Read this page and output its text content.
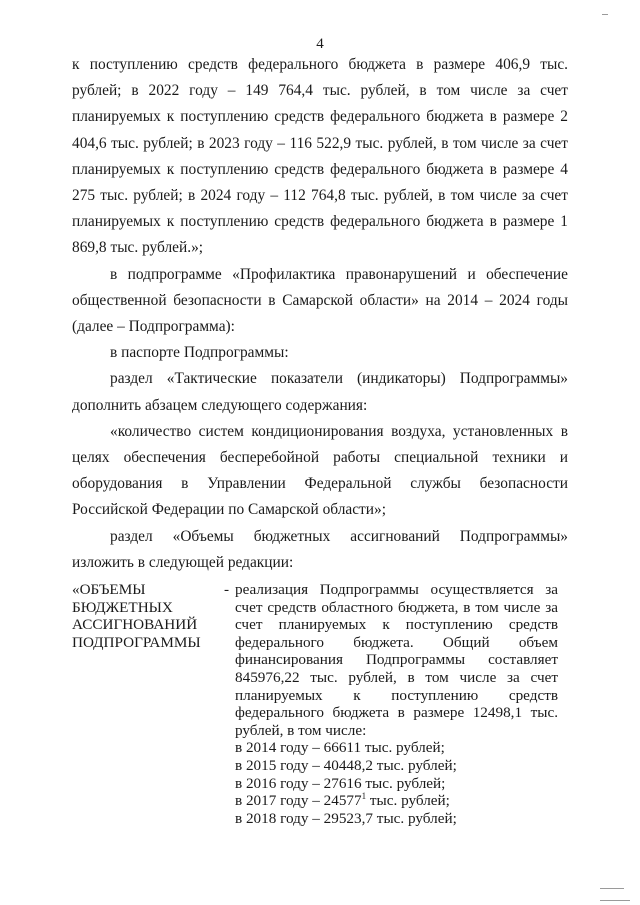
4

к поступлению средств федерального бюджета в размере 406,9 тыс. рублей; в 2022 году – 149 764,4 тыс. рублей, в том числе за счет планируемых к поступлению средств федерального бюджета в размере 2 404,6 тыс. рублей; в 2023 году – 116 522,9 тыс. рублей, в том числе за счет планируемых к поступлению средств федерального бюджета в размере 4 275 тыс. рублей; в 2024 году – 112 764,8 тыс. рублей, в том числе за счет планируемых к поступлению средств федерального бюджета в размере 1 869,8 тыс. рублей.»;

в подпрограмме «Профилактика правонарушений и обеспечение общественной безопасности в Самарской области» на 2014 – 2024 годы (далее – Подпрограмма):

в паспорте Подпрограммы:

раздел «Тактические показатели (индикаторы) Подпрограммы» дополнить абзацем следующего содержания:

«количество систем кондиционирования воздуха, установленных в целях обеспечения бесперебойной работы специальной техники и оборудования в Управлении Федеральной службы безопасности Российской Федерации по Самарской области»;

раздел «Объемы бюджетных ассигнований Подпрограммы» изложить в следующей редакции:

«ОБЪЕМЫ
БЮДЖЕТНЫХ
АССИГНОВАНИЙ
ПОДПРОГРАММЫ
- реализация Подпрограммы осуществляется за счет средств областного бюджета, в том числе за счет планируемых к поступлению средств федерального бюджета. Общий объем финансирования Подпрограммы составляет 845976,22 тыс. рублей, в том числе за счет планируемых к поступлению средств федерального бюджета в размере 12498,1 тыс. рублей, в том числе:
в 2014 году – 66611 тыс. рублей;
в 2015 году – 40448,2 тыс. рублей;
в 2016 году – 27616 тыс. рублей;
в 2017 году – 24577$^1$ тыс. рублей;
в 2018 году – 29523,7 тыс. рублей;
